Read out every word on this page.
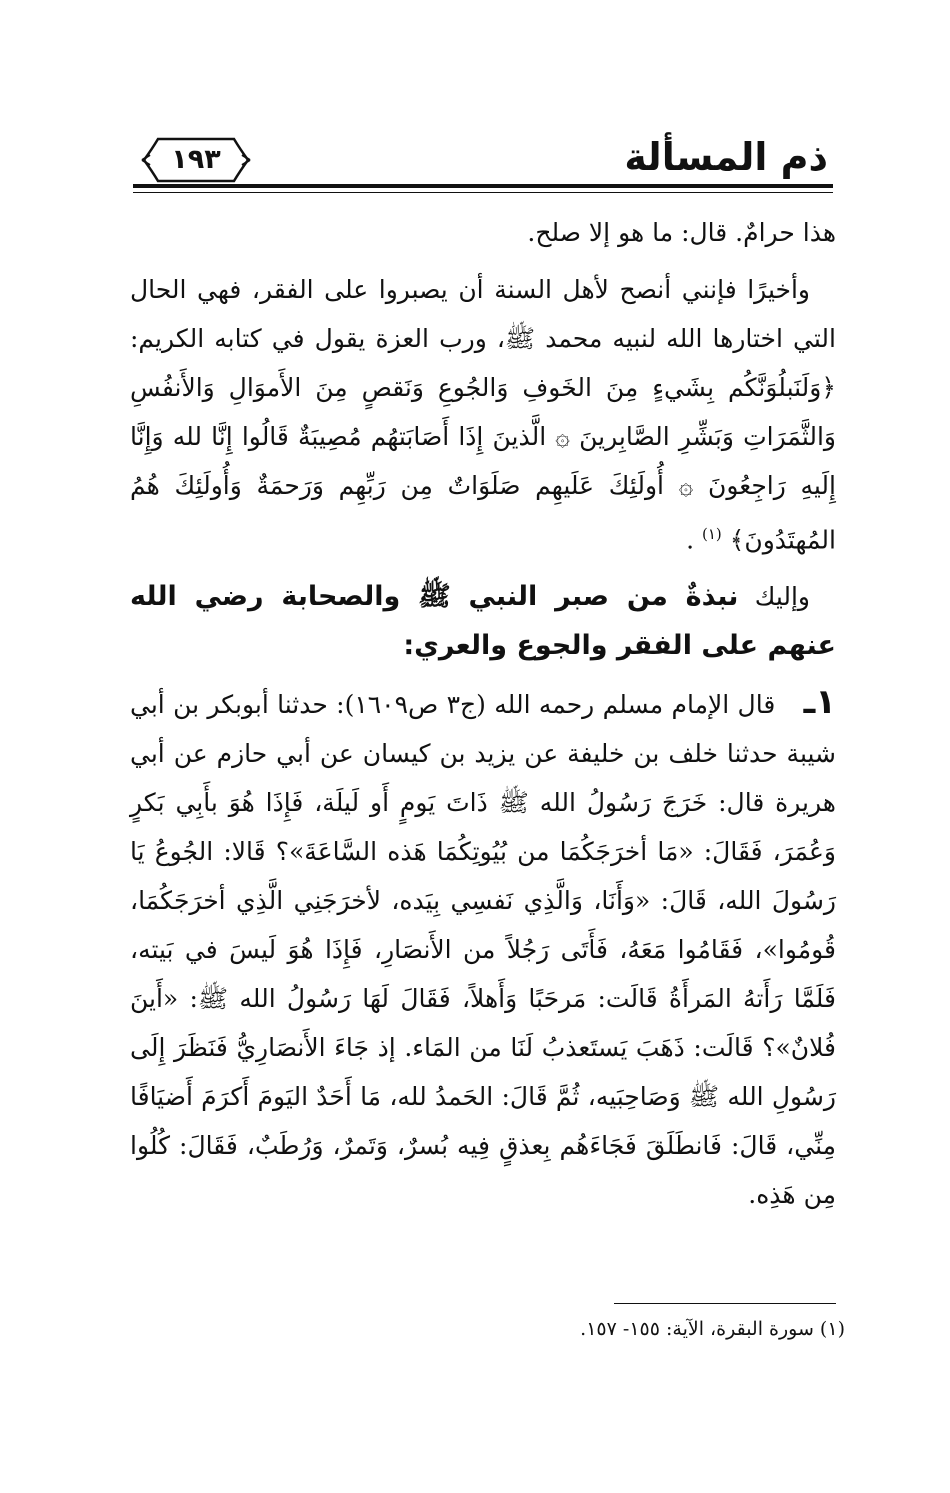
ذم المسألة
١٩٣

هذا حرامٌ. قال: ما هو إلا صلح.

وأخيرًا فإنني أنصح لأهل السنة أن يصبروا على الفقر، فهي الحال التي اختارها الله لنبيه محمد ﷺ، ورب العزة يقول في كتابه الكريم: ﴿وَلَنَبلُوَنَّكُم بِشَيءٍ مِنَ الخَوفِ وَالجُوعِ وَنَقصٍ مِنَ الأَموَالِ وَالأَنفُسِ وَالثَّمَرَاتِ وَبَشِّرِ الصَّابِرينَ ۞ الَّذينَ إِذَا أَصَابَتهُم مُصِيبَةٌ قَالُوا إِنَّا لله وَإِنَّا إِلَيهِ رَاجِعُونَ ۞ أُولَئِكَ عَلَيهِم صَلَوَاتٌ مِن رَبِّهِم وَرَحمَةٌ وَأُولَئِكَ هُمُ المُهتَدُونَ﴾ $^{(١)}$ .

وإليك نبذةٌ من صبر النبي ﷺ والصحابة رضي الله عنهم على الفقر والجوع والعري:

١ـ قال الإمام مسلم رحمه الله (ج٣ ص١٦٠٩): حدثنا أبوبكر بن أبي شيبة حدثنا خلف بن خليفة عن يزيد بن كيسان عن أبي حازم عن أبي هريرة قال: خَرَجَ رَسُولُ الله ﷺ ذَاتَ يَومٍ أَو لَيلَة، فَإِذَا هُوَ بأَبِي بَكرٍ وَعُمَرَ، فَقَالَ: «مَا أخرَجَكُمَا من بُيُوتِكُمَا هَذه السَّاعَةَ»؟ قَالا: الجُوعُ يَا رَسُولَ الله، قَالَ: «وَأَنَا، وَالَّذِي نَفسِي بِيَده، لأخرَجَنِي الَّذِي أخرَجَكُمَا، قُومُوا»، فَقَامُوا مَعَهُ، فَأَتَى رَجُلاً من الأَنصَارِ، فَإِذَا هُوَ لَيسَ في بَيته، فَلَمَّا رَأَتهُ المَرأَةُ قَالَت: مَرحَبًا وَأَهلاً، فَقَالَ لَهَا رَسُولُ الله ﷺ: «أَينَ فُلانٌ»؟ قَالَت: ذَهَبَ يَستَعذبُ لَنَا من المَاء. إذ جَاءَ الأَنصَارِيُّ فَنَظَرَ إِلَى رَسُولِ الله ﷺ وَصَاحِبَيه، ثُمَّ قَالَ: الحَمدُ لله، مَا أَحَدٌ اليَومَ أَكرَمَ أَضيَافًا مِنِّي، قَالَ: فَانطَلَقَ فَجَاءَهُم بِعذقٍ فِيه بُسرٌ، وَتَمرٌ، وَرُطَبٌ، فَقَالَ: كُلُوا مِن هَذِه.

(١) سورة البقرة، الآية: ١٥٥- ١٥٧.
